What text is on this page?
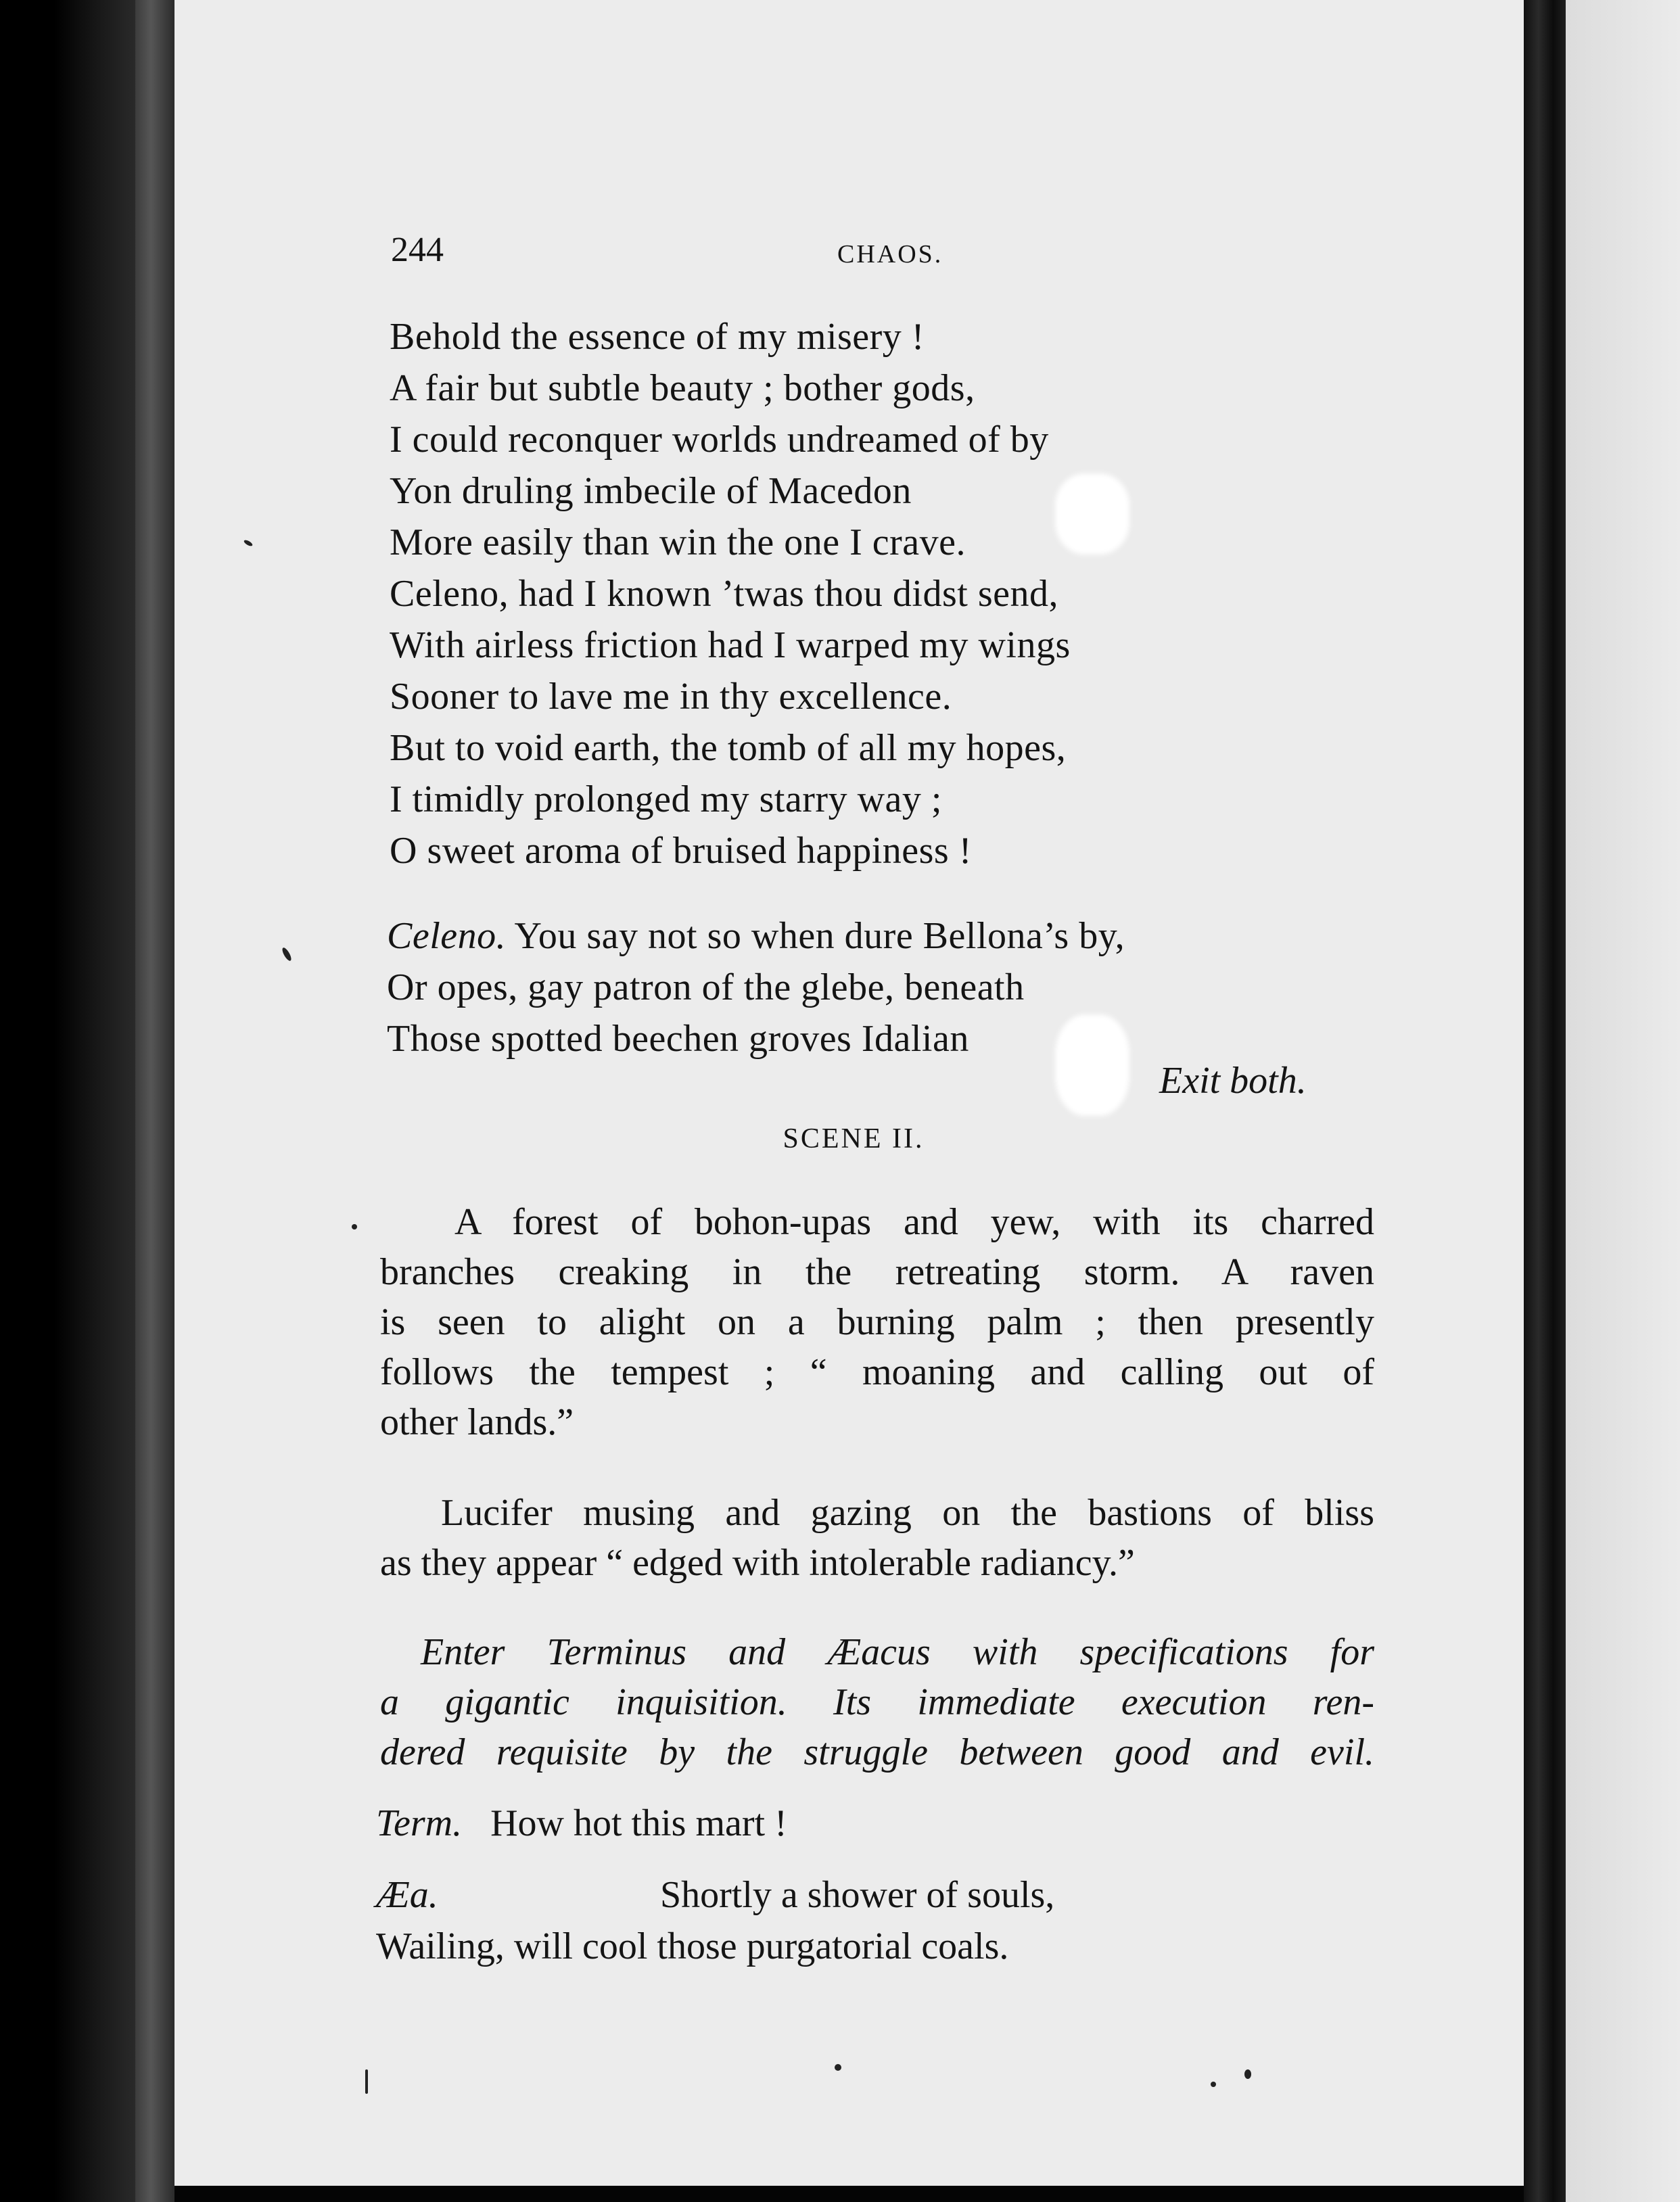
244	CHAOS.
Behold the essence of my misery !
A fair but subtle beauty ; bother gods,
I could reconquer worlds undreamed of by
Yon druling imbecile of Macedon
More easily than win the one I crave.
Celeno, had I known ’twas thou didst send,
With airless friction had I warped my wings
Sooner to lave me in thy excellence.
But to void earth, the tomb of all my hopes,
I timidly prolonged my starry way ;
O sweet aroma of bruised happiness !
Celeno. You say not so when dure Bellona’s by,
Or opes, gay patron of the glebe, beneath
Those spotted beechen groves Idalian
Exit both.
SCENE II.
A forest of bohon-upas and yew, with its charred
branches creaking in the retreating storm. A raven
is seen to alight on a burning palm ; then presently
follows the tempest ; “ moaning and calling out of
other lands.”
Lucifer musing and gazing on the bastions of bliss
as they appear “ edged with intolerable radiancy.”
Enter Terminus and Æacus with specifications for
a gigantic inquisition. Its immediate execution ren-
dered requisite by the struggle between good and evil.
Term. How hot this mart !
Æa.	Shortly a shower of souls,
Wailing, will cool those purgatorial coals.
